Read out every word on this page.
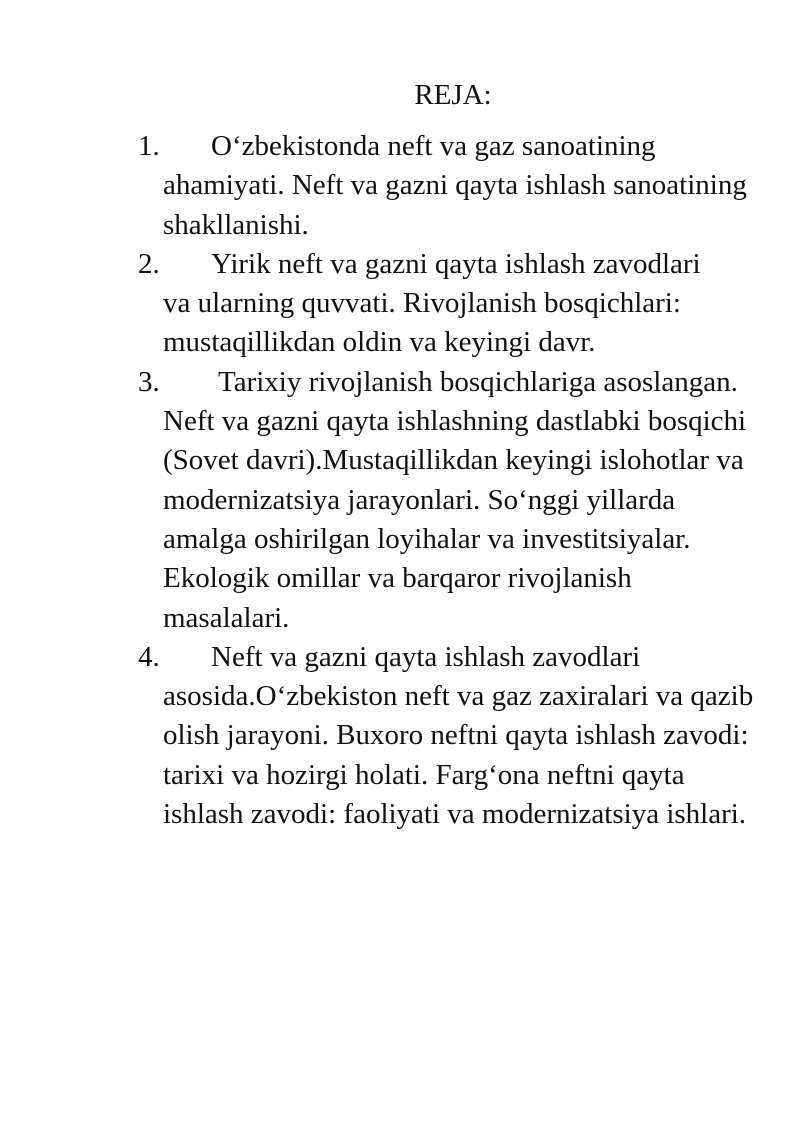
REJA:
1.	Oʻzbekistonda neft va gaz sanoatining ahamiyati. Neft va gazni qayta ishlash sanoatining shakllanishi.
2.	Yirik neft va gazni qayta ishlash zavodlari va ularning quvvati. Rivojlanish bosqichlari: mustaqillikdan oldin va keyingi davr.
3.	Tarixiy rivojlanish bosqichlariga asoslangan. Neft va gazni qayta ishlashning dastlabki bosqichi (Sovet davri).Mustaqillikdan keyingi islohotlar va modernizatsiya jarayonlari. Soʻnggi yillarda amalga oshirilgan loyihalar va investitsiyalar. Ekologik omillar va barqaror rivojlanish masalalari.
4.	Neft va gazni qayta ishlash zavodlari asosida.Oʻzbekiston neft va gaz zaxiralari va qazib olish jarayoni. Buxoro neftni qayta ishlash zavodi: tarixi va hozirgi holati. Fargʻona neftni qayta ishlash zavodi: faoliyati va modernizatsiya ishlari.
